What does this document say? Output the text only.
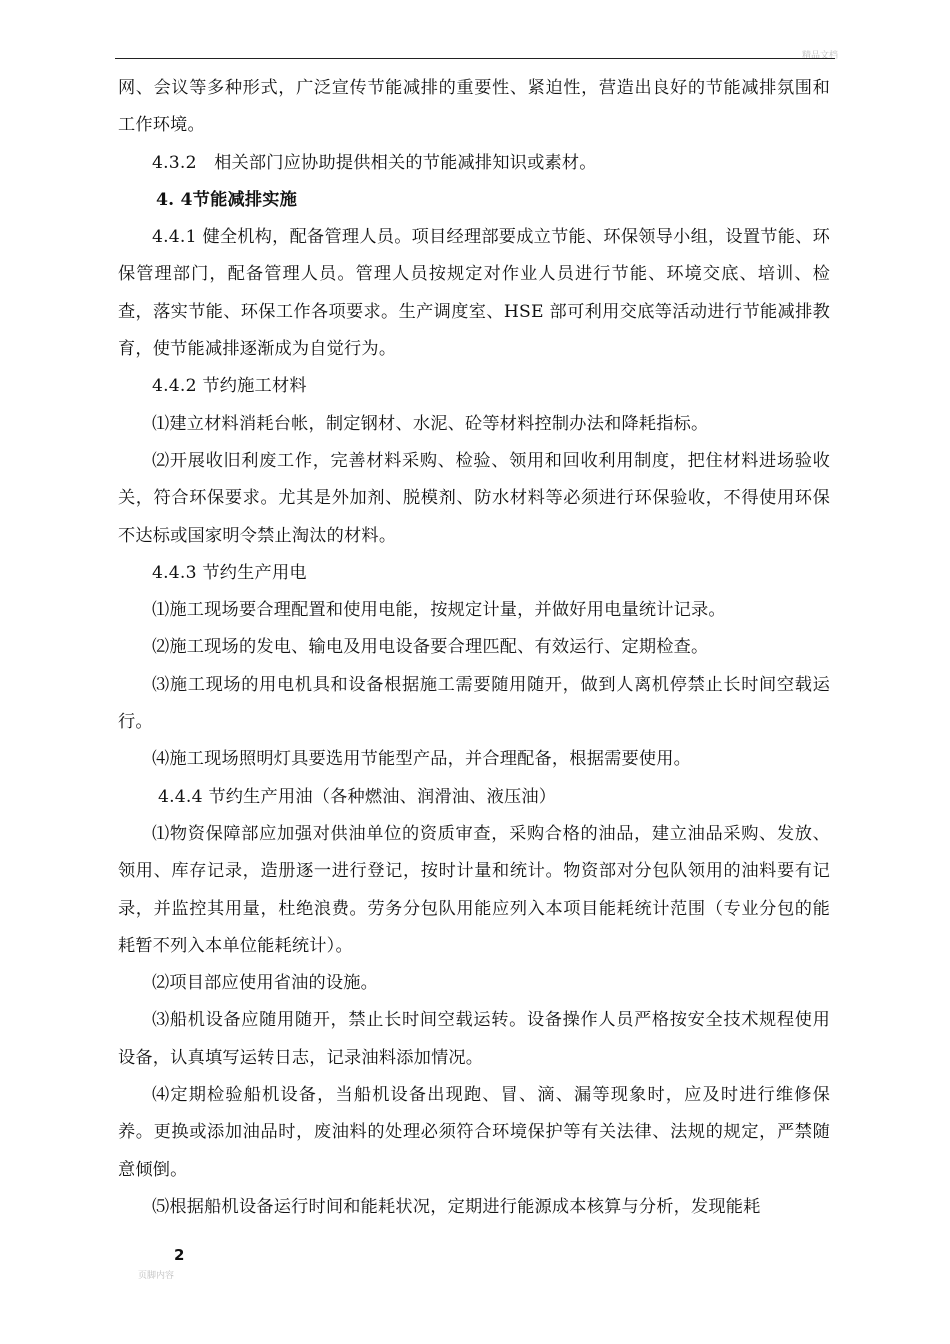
精品文档

网、会议等多种形式，广泛宣传节能减排的重要性、紧迫性，营造出良好的节能减排氛围和工作环境。

4.3.2　相关部门应协助提供相关的节能减排知识或素材。

4. 4节能减排实施

4.4.1 健全机构，配备管理人员。项目经理部要成立节能、环保领导小组，设置节能、环保管理部门，配备管理人员。管理人员按规定对作业人员进行节能、环境交底、培训、检查，落实节能、环保工作各项要求。生产调度室、HSE 部可利用交底等活动进行节能减排教育，使节能减排逐渐成为自觉行为。

4.4.2 节约施工材料

⑴建立材料消耗台帐，制定钢材、水泥、砼等材料控制办法和降耗指标。

⑵开展收旧利废工作，完善材料采购、检验、领用和回收利用制度，把住材料进场验收关，符合环保要求。尤其是外加剂、脱模剂、防水材料等必须进行环保验收，不得使用环保不达标或国家明令禁止淘汰的材料。

4.4.3 节约生产用电

⑴施工现场要合理配置和使用电能，按规定计量，并做好用电量统计记录。

⑵施工现场的发电、输电及用电设备要合理匹配、有效运行、定期检查。

⑶施工现场的用电机具和设备根据施工需要随用随开，做到人离机停禁止长时间空载运行。

⑷施工现场照明灯具要选用节能型产品，并合理配备，根据需要使用。

4.4.4 节约生产用油（各种燃油、润滑油、液压油）

⑴物资保障部应加强对供油单位的资质审查，采购合格的油品，建立油品采购、发放、领用、库存记录，造册逐一进行登记，按时计量和统计。物资部对分包队领用的油料要有记录，并监控其用量，杜绝浪费。劳务分包队用能应列入本项目能耗统计范围（专业分包的能耗暂不列入本单位能耗统计）。

⑵项目部应使用省油的设施。

⑶船机设备应随用随开，禁止长时间空载运转。设备操作人员严格按安全技术规程使用设备，认真填写运转日志，记录油料添加情况。

⑷定期检验船机设备，当船机设备出现跑、冒、滴、漏等现象时，应及时进行维修保养。更换或添加油品时，废油料的处理必须符合环境保护等有关法律、法规的规定，严禁随意倾倒。

⑸根据船机设备运行时间和能耗状况，定期进行能源成本核算与分析，发现能耗

2
页脚内容
